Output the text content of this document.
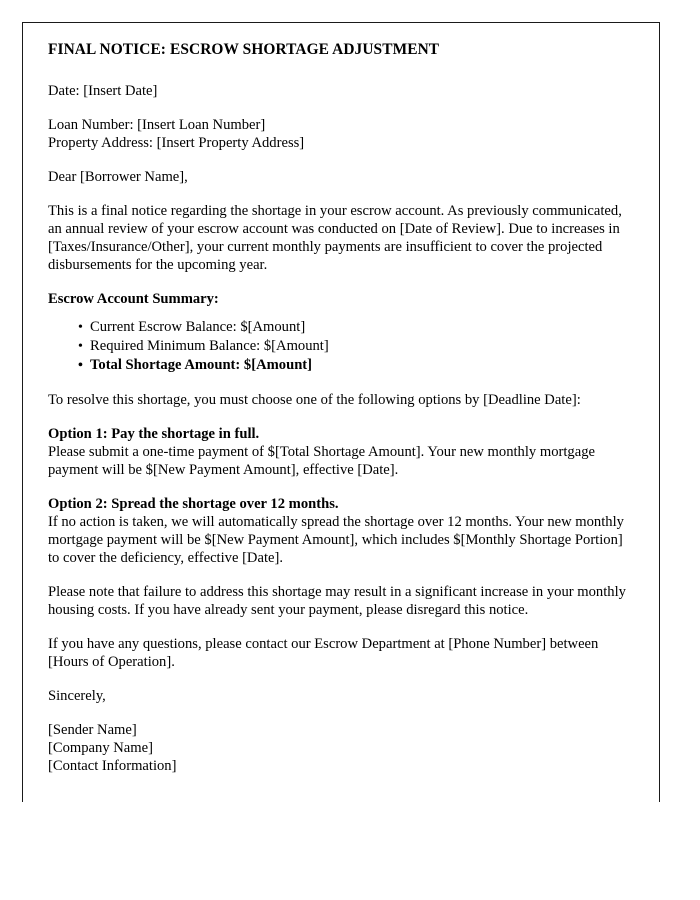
FINAL NOTICE: ESCROW SHORTAGE ADJUSTMENT
Date: [Insert Date]
Loan Number: [Insert Loan Number]
Property Address: [Insert Property Address]
Dear [Borrower Name],
This is a final notice regarding the shortage in your escrow account. As previously communicated, an annual review of your escrow account was conducted on [Date of Review]. Due to increases in [Taxes/Insurance/Other], your current monthly payments are insufficient to cover the projected disbursements for the upcoming year.
Escrow Account Summary:
• Current Escrow Balance: $[Amount]
• Required Minimum Balance: $[Amount]
• Total Shortage Amount: $[Amount]
To resolve this shortage, you must choose one of the following options by [Deadline Date]:
Option 1: Pay the shortage in full.
Please submit a one-time payment of $[Total Shortage Amount]. Your new monthly mortgage payment will be $[New Payment Amount], effective [Date].
Option 2: Spread the shortage over 12 months.
If no action is taken, we will automatically spread the shortage over 12 months. Your new monthly mortgage payment will be $[New Payment Amount], which includes $[Monthly Shortage Portion] to cover the deficiency, effective [Date].
Please note that failure to address this shortage may result in a significant increase in your monthly housing costs. If you have already sent your payment, please disregard this notice.
If you have any questions, please contact our Escrow Department at [Phone Number] between [Hours of Operation].
Sincerely,
[Sender Name]
[Company Name]
[Contact Information]
